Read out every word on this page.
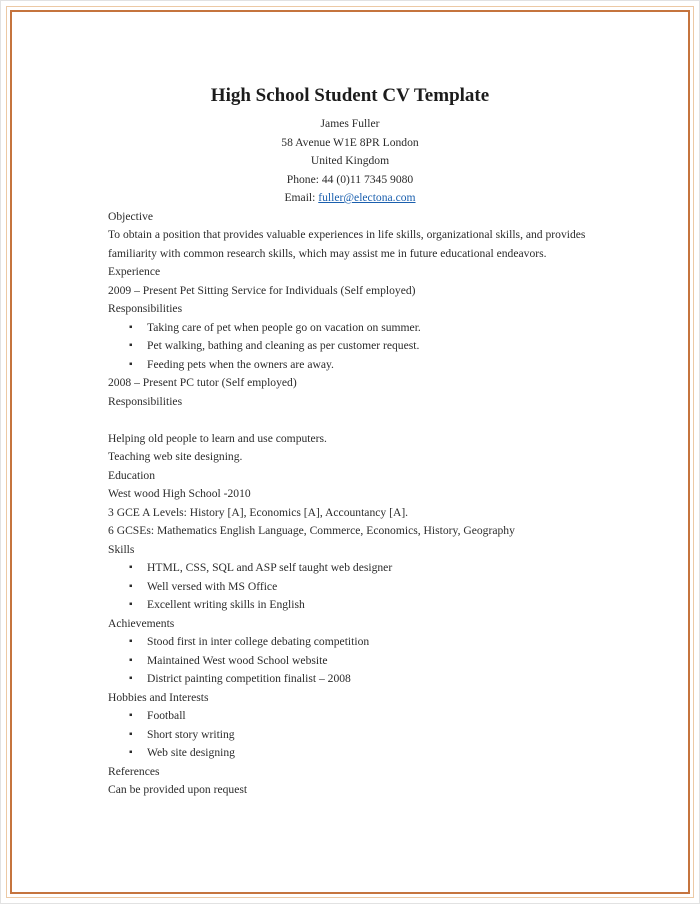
High School Student CV Template
James Fuller
58 Avenue W1E 8PR London
United Kingdom
Phone: 44 (0)11 7345 9080
Email: fuller@electona.com
Objective
To obtain a position that provides valuable experiences in life skills, organizational skills, and provides familiarity with common research skills, which may assist me in future educational endeavors.
Experience
2009 – Present Pet Sitting Service for Individuals (Self employed)
Responsibilities
▪ Taking care of pet when people go on vacation on summer.
▪ Pet walking, bathing and cleaning as per customer request.
▪ Feeding pets when the owners are away.
2008 – Present PC tutor (Self employed)
Responsibilities
Helping old people to learn and use computers.
Teaching web site designing.
Education
West wood High School -2010
3 GCE A Levels: History [A], Economics [A], Accountancy [A].
6 GCSEs: Mathematics English Language, Commerce, Economics, History, Geography
Skills
▪ HTML, CSS, SQL and ASP self taught web designer
▪ Well versed with MS Office
▪ Excellent writing skills in English
Achievements
▪ Stood first in inter college debating competition
▪ Maintained West wood School website
▪ District painting competition finalist – 2008
Hobbies and Interests
▪ Football
▪ Short story writing
▪ Web site designing
References
Can be provided upon request
